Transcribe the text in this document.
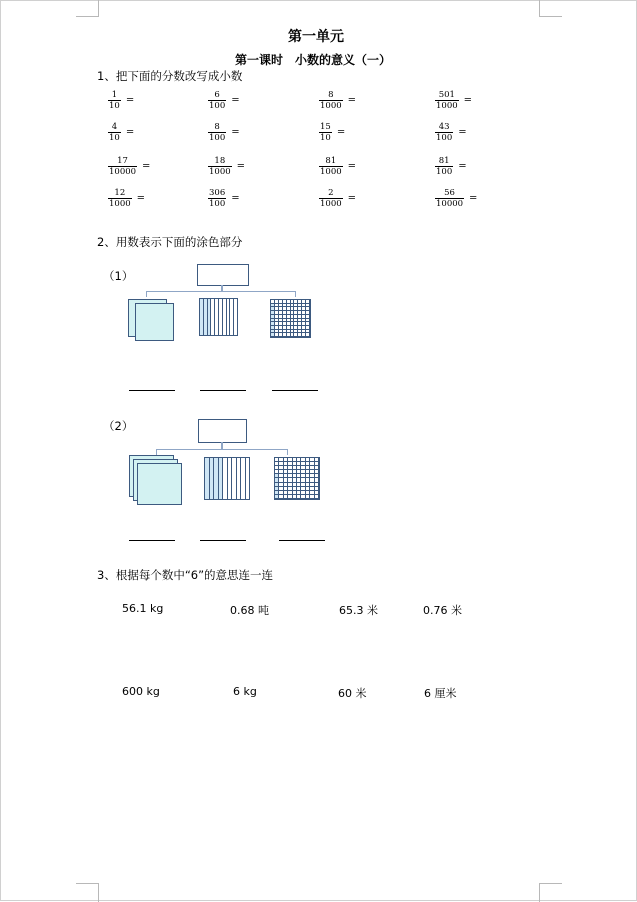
第一单元
第一课时　小数的意义（一）
1、把下面的分数改写成小数
$\frac{1}{10}$ =	$\frac{6}{100}$ =	$\frac{8}{1000}$ =	$\frac{501}{1000}$ =
$\frac{4}{10}$ =	$\frac{8}{100}$ =	$\frac{15}{10}$ =	$\frac{43}{100}$ =
$\frac{17}{10000}$ =	$\frac{18}{1000}$ =	$\frac{81}{1000}$ =	$\frac{81}{100}$ =
$\frac{12}{1000}$ =	$\frac{306}{100}$ =	$\frac{2}{1000}$ =	$\frac{56}{10000}$ =
2、用数表示下面的涂色部分
（1）
（2）
3、根据每个数中“6”的意思连一连
56.1 kg	0.68 吨	65.3 米	0.76 米
600 kg	6 kg	60 米	6 厘米
